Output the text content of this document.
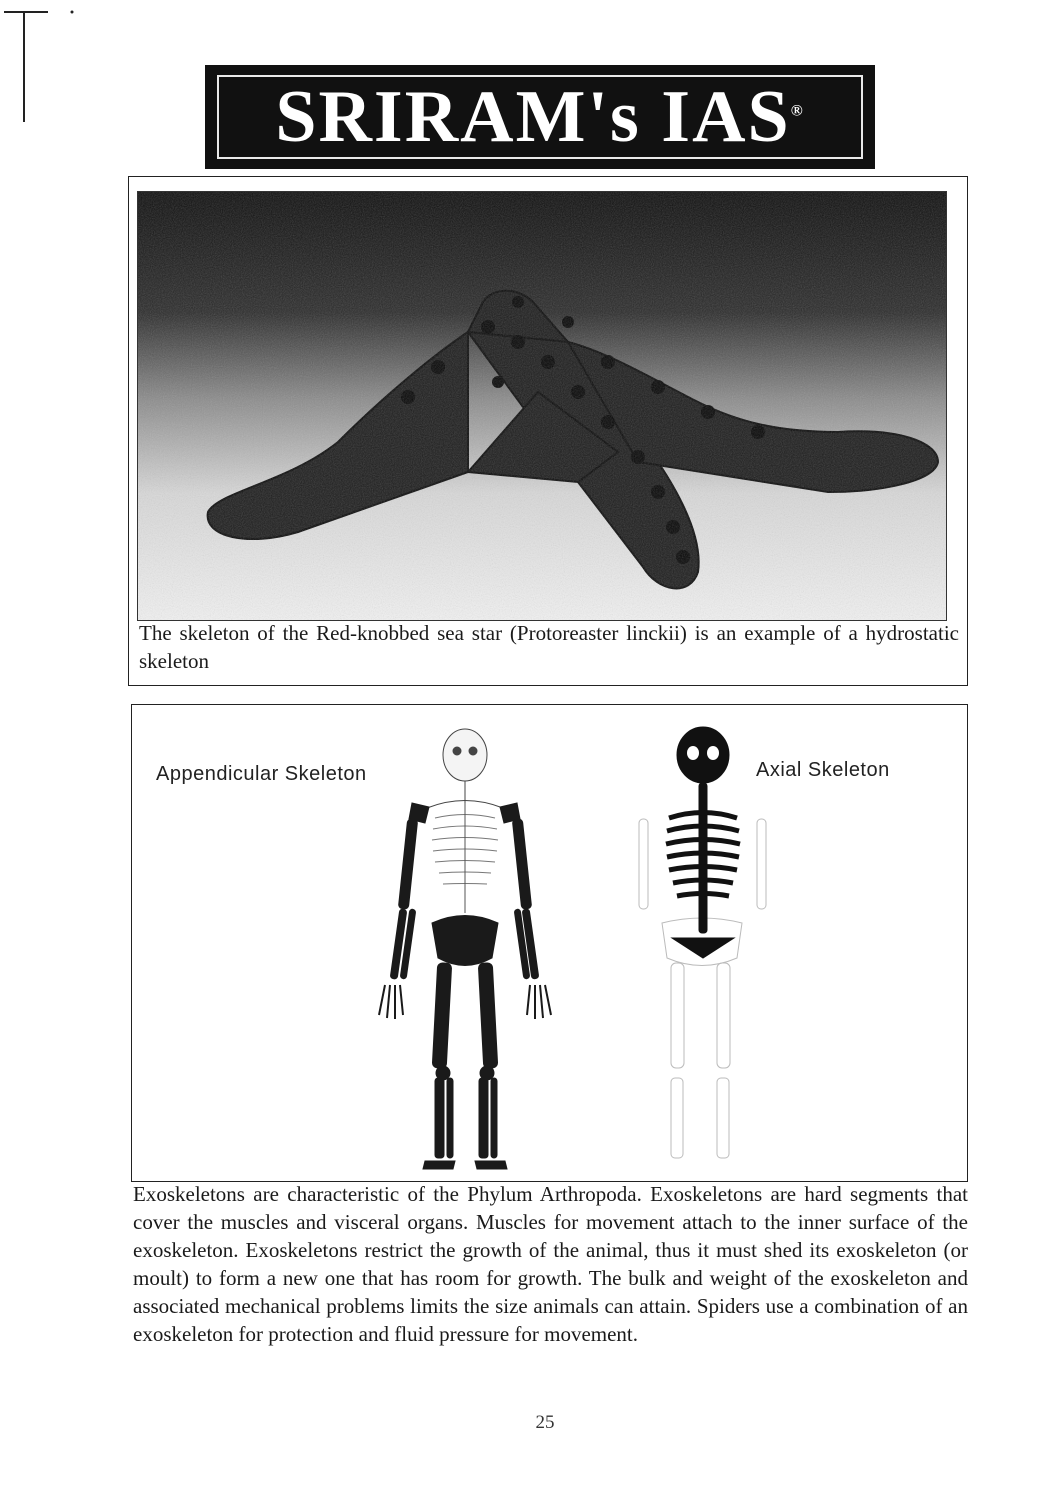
SRIRAM's IAS®
The skeleton of the Red-knobbed sea star (Protoreaster linckii) is an example of a hydrostatic skeleton
Appendicular Skeleton	Axial Skeleton
Exoskeletons are characteristic of the Phylum Arthropoda. Exoskeletons are hard segments that cover the muscles and visceral organs. Muscles for movement attach to the inner surface of the exoskeleton. Exoskeletons restrict the growth of the animal, thus it must shed its exoskeleton (or moult) to form a new one that has room for growth. The bulk and weight of the exoskeleton and associated mechanical problems limits the size animals can attain. Spiders use a combination of an exoskeleton for protection and fluid pressure for movement.
25
